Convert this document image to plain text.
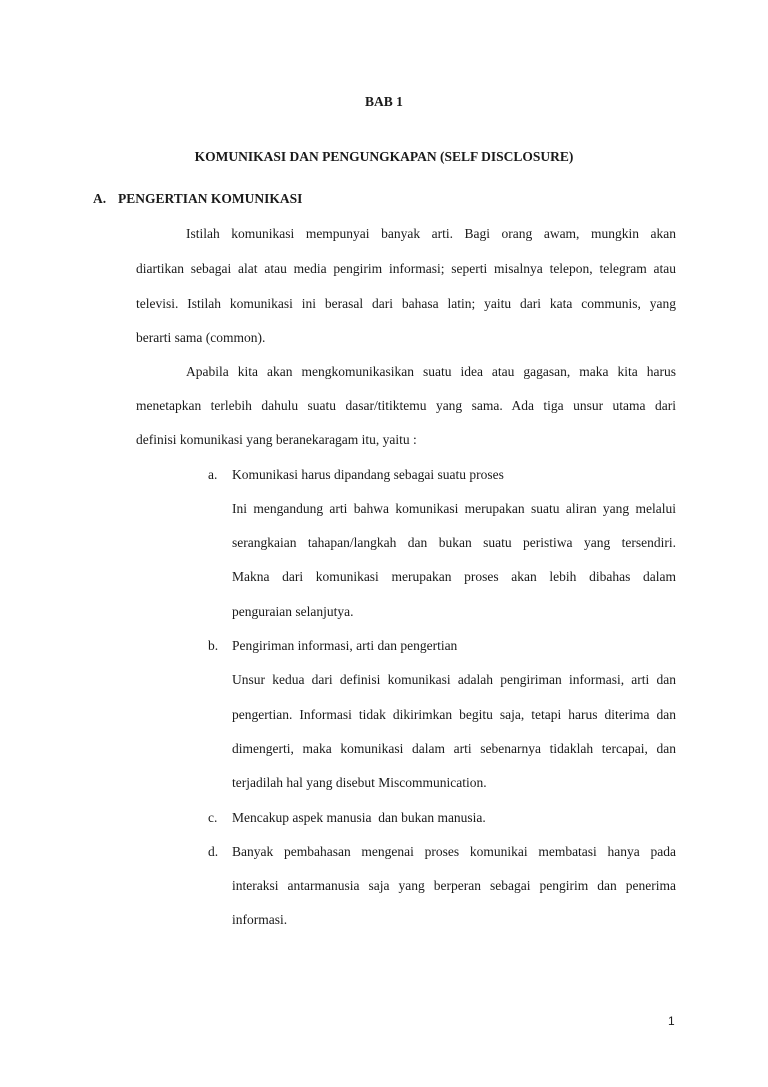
BAB 1
KOMUNIKASI DAN PENGUNGKAPAN (SELF DISCLOSURE)
A. PENGERTIAN KOMUNIKASI
Istilah komunikasi mempunyai banyak arti. Bagi orang awam, mungkin akan
diartikan sebagai alat atau media pengirim informasi; seperti misalnya telepon, telegram atau
televisi. Istilah komunikasi ini berasal dari bahasa latin; yaitu dari kata communis, yang
berarti sama (common).
Apabila kita akan mengkomunikasikan suatu idea atau gagasan, maka kita harus
menetapkan terlebih dahulu suatu dasar/titiktemu yang sama. Ada tiga unsur utama dari
definisi komunikasi yang beranekaragam itu, yaitu :
a. Komunikasi harus dipandang sebagai suatu proses
Ini mengandung arti bahwa komunikasi merupakan suatu aliran yang melalui
serangkaian tahapan/langkah dan bukan suatu peristiwa yang tersendiri.
Makna dari komunikasi merupakan proses akan lebih dibahas dalam
penguraian selanjutya.
b. Pengiriman informasi, arti dan pengertian
Unsur kedua dari definisi komunikasi adalah pengiriman informasi, arti dan
pengertian. Informasi tidak dikirimkan begitu saja, tetapi harus diterima dan
dimengerti, maka komunikasi dalam arti sebenarnya tidaklah tercapai, dan
terjadilah hal yang disebut Miscommunication.
c. Mencakup aspek manusia  dan bukan manusia.
d. Banyak pembahasan mengenai proses komunikai membatasi hanya pada
interaksi antarmanusia saja yang berperan sebagai pengirim dan penerima
informasi.
1
